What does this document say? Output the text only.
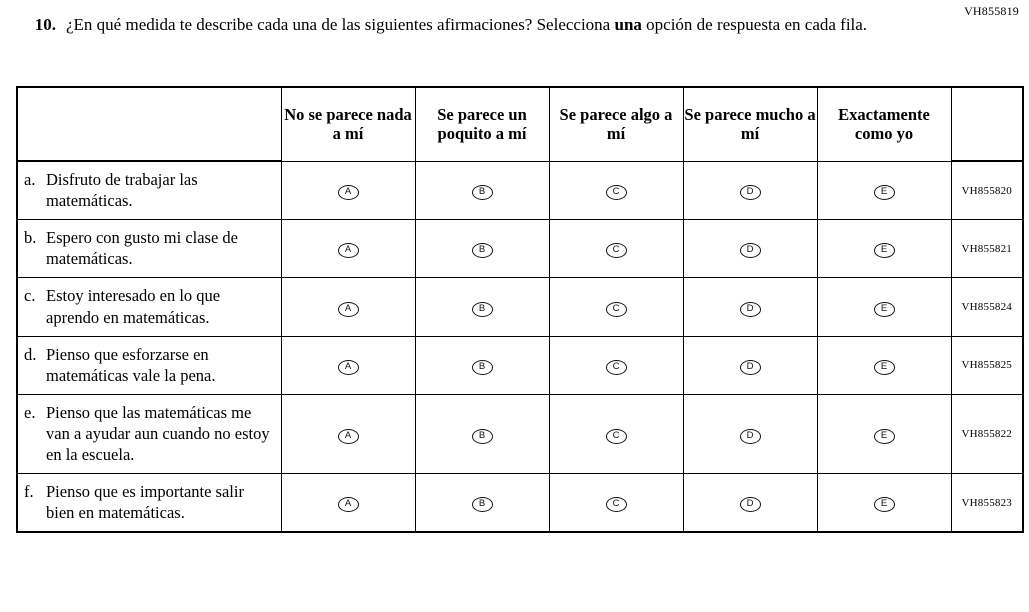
VH855819
10. ¿En qué medida te describe cada una de las siguientes afirmaciones? Selecciona una opción de respuesta en cada fila.
	No se parece nada a mí	Se parece un poquito a mí	Se parece algo a mí	Se parece mucho a mí	Exactamente como yo	

a. Disfruto de trabajar las matemáticas.	A	B	C	D	E	VH855820

b. Espero con gusto mi clase de matemáticas.	A	B	C	D	E	VH855821

c. Estoy interesado en lo que aprendo en matemáticas.	A	B	C	D	E	VH855824

d. Pienso que esforzarse en matemáticas vale la pena.	A	B	C	D	E	VH855825

e. Pienso que las matemáticas me van a ayudar aun cuando no estoy en la escuela.	A	B	C	D	E	VH855822

f. Pienso que es importante salir bien en matemáticas.	A	B	C	D	E	VH855823
